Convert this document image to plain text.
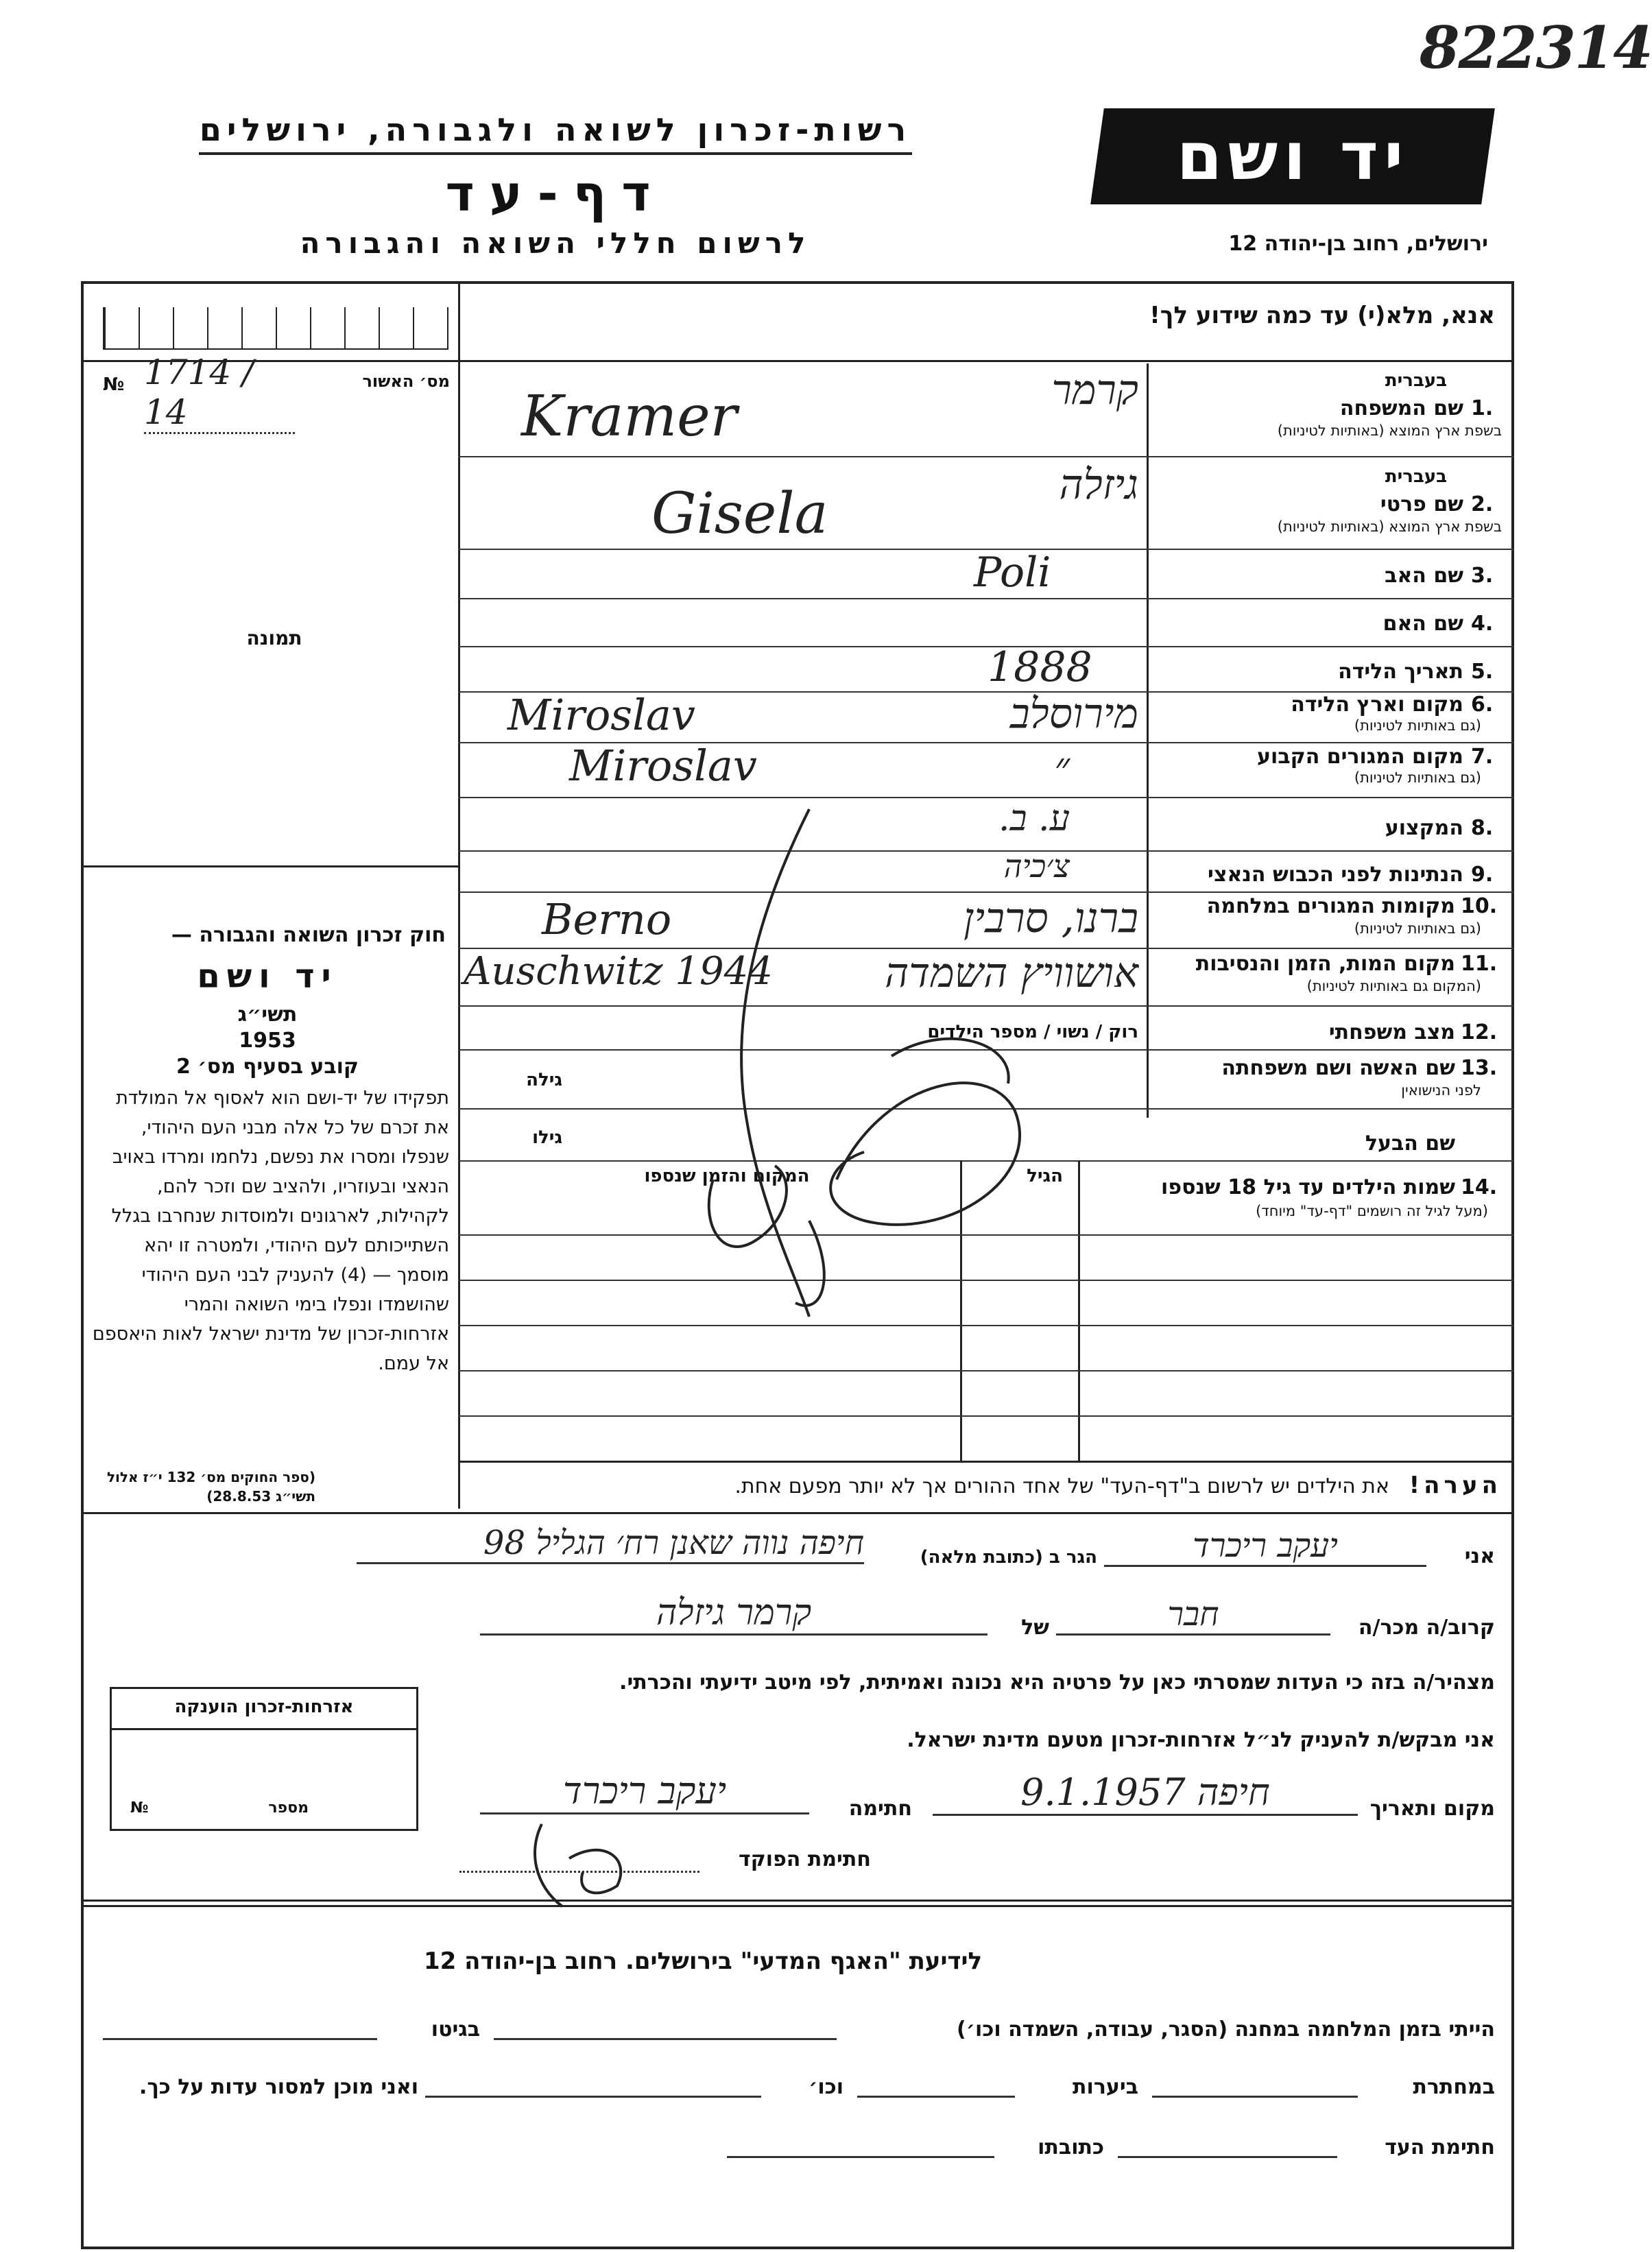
822314
יד ושם
רשות-זכרון לשואה ולגבורה, ירושלים
דף-עד
לרשום חללי השואה והגבורה	ירושלים, רחוב בן-יהודה 12
אנא, מלא(י) עד כמה שידוע לך!
מס׳ האשור
№ 1714 / 14
תמונה
חוק זכרון השואה והגבורה —
יד ושם
תשי״ג
1953
קובע בסעיף מס׳ 2
תפקידו של יד-ושם הוא לאסוף אל המולדת את זכרם של כל אלה מבני העם היהודי, שנפלו ומסרו את נפשם, נלחמו ומרדו באויב הנאצי ובעוזריו, ולהציב שם וזכר להם, לקהילות, לארגונים ולמוסדות שנחרבו בגלל השתייכותם לעם היהודי, ולמטרה זו יהא מוסמך — (4) להעניק לבני העם היהודי שהושמדו ונפלו בימי השואה והמרי אזרחות-זכרון של מדינת ישראל לאות היאספם אל עמם.
(ספר החוקים מס׳ 132 י״ז אלול תשי״ג 28.8.53)
1.
בעברית
שם המשפחה
בשפת ארץ המוצא (באותיות לטיניות)
קרמר
Kramer
2.
בעברית
שם פרטי
בשפת ארץ המוצא (באותיות לטיניות)
גיזלה
Gisela
3.
שם האב
Poli
4.
שם האם
5.
תאריך הלידה
1888
6.
מקום וארץ הלידה
(גם באותיות לטיניות)
Miroslav	מירוסלב
7.
מקום המגורים הקבוע
(גם באותיות לטיניות)
Miroslav	״
8.
המקצוע
ע. ב.
9.
הנתינות לפני הכבוש הנאצי
צ׳כיה
10.
מקומות המגורים במלחמה
(גם באותיות לטיניות)
Berno	ברנו, סרבין
11.
מקום המות, הזמן והנסיבות
(המקום גם באותיות לטיניות)
Auschwitz 1944	אושוויץ השמדה
12.
מצב משפחתי
רוק / נשוי / מספר הילדים
13.
שם האשה ושם משפחתה
לפני הנישואין
גילה
שם הבעל
גילו
14.
שמות הילדים עד גיל 18 שנספו
(מעל לגיל זה רושמים "דף-עד" מיוחד)
הגיל
המקום והזמן שנספו
הערה!   את הילדים יש לרשום ב"דף-העד" של אחד ההורים אך לא יותר מפעם אחת.
אני
יעקב ריכרד
הגר ב (כתובת מלאה)
חיפה נווה שאנן רח׳ הגליל 98
קרוב/ה מכר/ה
חבר
של
קרמר גיזלה
מצהיר/ה בזה כי העדות שמסרתי כאן על פרטיה היא נכונה ואמיתית, לפי מיטב ידיעתי והכרתי.
אני מבקש/ת להעניק לנ״ל אזרחות-זכרון מטעם מדינת ישראל.
מקום ותאריך
חיפה 9.1.1957
חתימה
יעקב ריכרד
חתימת הפוקד
אזרחות-זכרון הוענקה
מספר
№
לידיעת "האגף המדעי" בירושלים. רחוב בן-יהודה 12
הייתי בזמן המלחמה במחנה (הסגר, עבודה, השמדה וכו׳)
בגיטו
במחתרת
ביערות
וכו׳
ואני מוכן למסור עדות על כך.
חתימת העד
כתובתו
